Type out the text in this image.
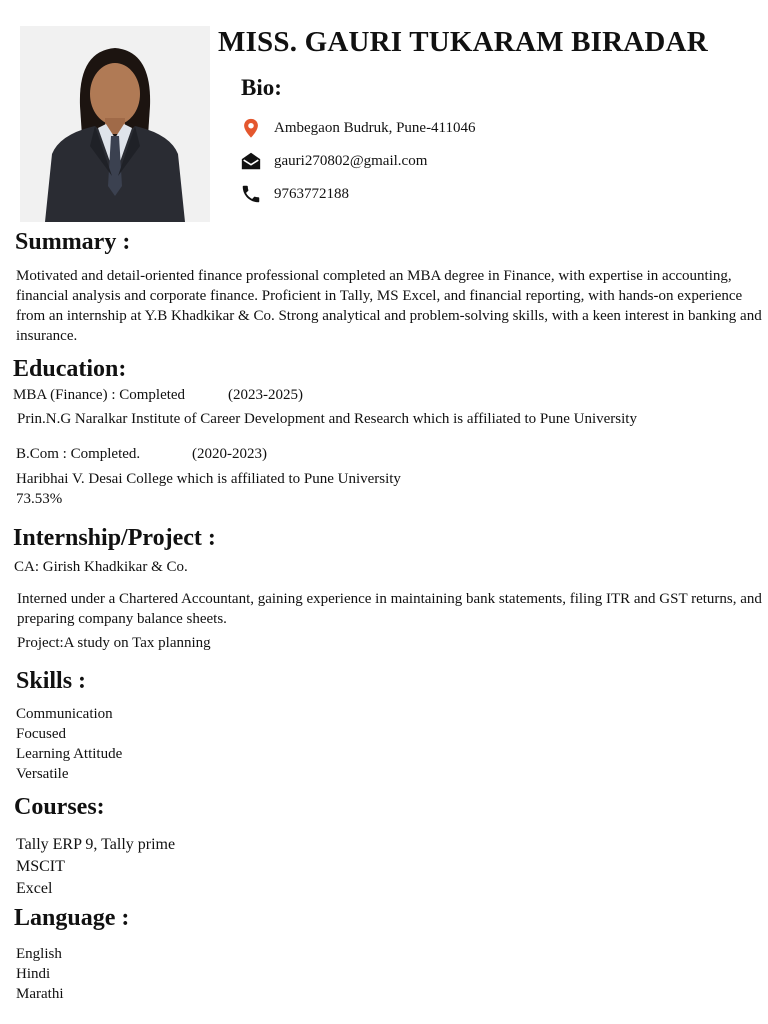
MISS. GAURI TUKARAM BIRADAR
Bio:
Ambegaon Budruk, Pune-411046
gauri270802@gmail.com
9763772188
Summary :
Motivated and detail-oriented finance professional completed an MBA degree in Finance, with expertise in accounting, financial analysis and corporate finance. Proficient in Tally, MS Excel, and financial reporting, with hands-on experience from an internship at Y.B Khadkikar & Co. Strong analytical and problem-solving skills, with a keen interest in banking and insurance.
Education:
MBA (Finance) : Completed	(2023-2025)
Prin.N.G Naralkar Institute of Career Development and Research which is affiliated to Pune University
B.Com : Completed.	(2020-2023)
Haribhai V. Desai College which is affiliated to Pune University
73.53%
Internship/Project :
CA: Girish Khadkikar & Co.
Interned under a Chartered Accountant, gaining experience in maintaining bank statements, filing ITR and GST returns, and preparing company balance sheets.
Project:A study on Tax planning
Skills :
Communication
Focused
Learning Attitude
Versatile
Courses:
Tally ERP 9, Tally prime
MSCIT
Excel
Language :
English
Hindi
Marathi
